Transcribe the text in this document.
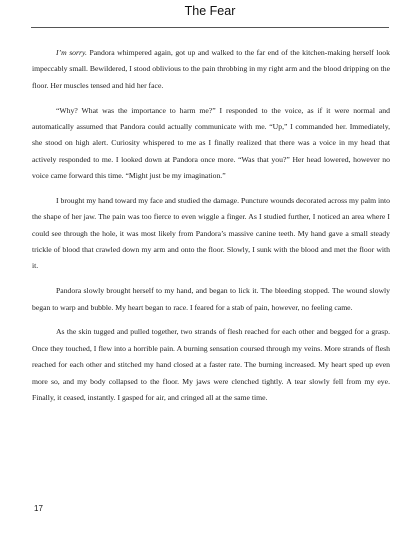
The Fear

I’m sorry. Pandora whimpered again, got up and walked to the far end of the kitchen-making herself look impeccably small. Bewildered, I stood oblivious to the pain throbbing in my right arm and the blood dripping on the floor. Her muscles tensed and hid her face.

“Why? What was the importance to harm me?” I responded to the voice, as if it were normal and automatically assumed that Pandora could actually communicate with me. “Up,” I commanded her. Immediately, she stood on high alert. Curiosity whispered to me as I finally realized that there was a voice in my head that actively responded to me. I looked down at Pandora once more. “Was that you?” Her head lowered, however no voice came forward this time. “Might just be my imagination.”

I brought my hand toward my face and studied the damage. Puncture wounds decorated across my palm into the shape of her jaw. The pain was too fierce to even wiggle a finger. As I studied further, I noticed an area where I could see through the hole, it was most likely from Pandora’s massive canine teeth. My hand gave a small steady trickle of blood that crawled down my arm and onto the floor. Slowly, I sunk with the blood and met the floor with it.

Pandora slowly brought herself to my hand, and began to lick it. The bleeding stopped. The wound slowly began to warp and bubble. My heart began to race. I feared for a stab of pain, however, no feeling came.

As the skin tugged and pulled together, two strands of flesh reached for each other and begged for a grasp. Once they touched, I flew into a horrible pain. A burning sensation coursed through my veins. More strands of flesh reached for each other and stitched my hand closed at a faster rate. The burning increased. My heart sped up even more so, and my body collapsed to the floor. My jaws were clenched tightly. A tear slowly fell from my eye. Finally, it ceased, instantly. I gasped for air, and cringed all at the same time.

17
